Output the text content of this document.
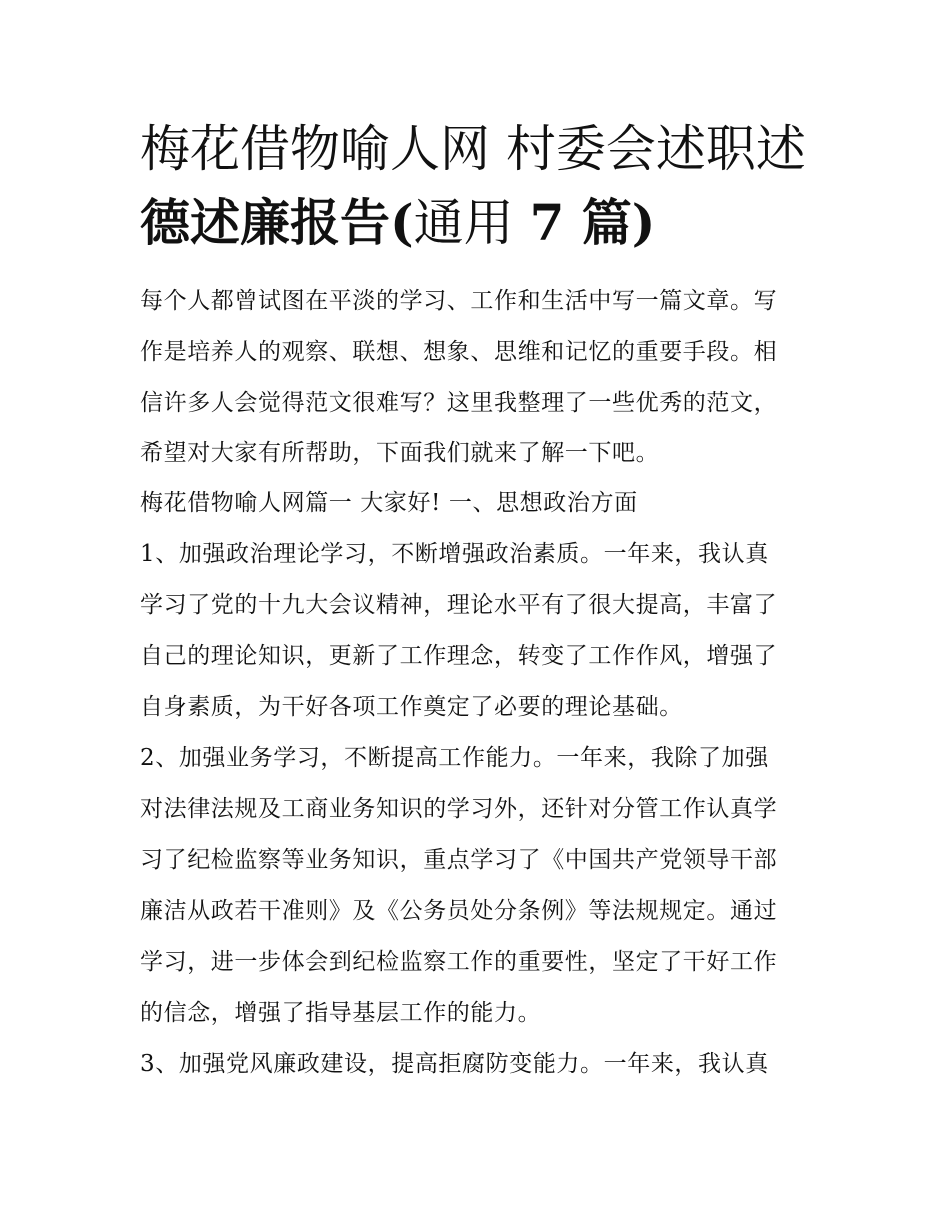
梅花借物喻人网 村委会述职述
德述廉报告(通用 7 篇)

每个人都曾试图在平淡的学习、工作和生活中写一篇文章。写

作是培养人的观察、联想、想象、思维和记忆的重要手段。相

信许多人会觉得范文很难写？这里我整理了一些优秀的范文，

希望对大家有所帮助，下面我们就来了解一下吧。

梅花借物喻人网篇一 大家好! 一、思想政治方面

1、加强政治理论学习，不断增强政治素质。一年来，我认真

学习了党的十九大会议精神，理论水平有了很大提高，丰富了

自己的理论知识，更新了工作理念，转变了工作作风，增强了

自身素质，为干好各项工作奠定了必要的理论基础。

2、加强业务学习，不断提高工作能力。一年来，我除了加强

对法律法规及工商业务知识的学习外，还针对分管工作认真学

习了纪检监察等业务知识，重点学习了《中国共产党领导干部

廉洁从政若干准则》及《公务员处分条例》等法规规定。通过

学习，进一步体会到纪检监察工作的重要性，坚定了干好工作

的信念，增强了指导基层工作的能力。

3、加强党风廉政建设，提高拒腐防变能力。一年来，我认真
